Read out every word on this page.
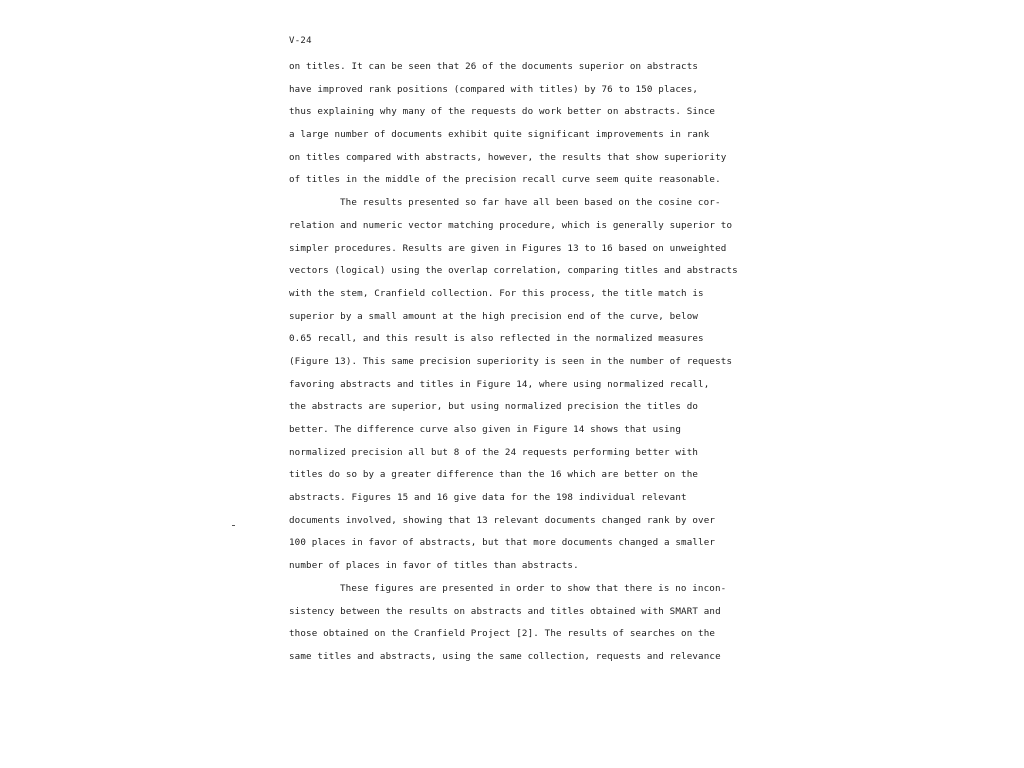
V-24
on titles. It can be seen that 26 of the documents superior on abstracts
have improved rank positions (compared with titles) by 76 to 150 places,
thus explaining why many of the requests do work better on abstracts. Since
a large number of documents exhibit quite significant improvements in rank
on titles compared with abstracts, however, the results that show superiority
of titles in the middle of the precision recall curve seem quite reasonable.
The results presented so far have all been based on the cosine cor-
relation and numeric vector matching procedure, which is generally superior to
simpler procedures. Results are given in Figures 13 to 16 based on unweighted
vectors (logical) using the overlap correlation, comparing titles and abstracts
with the stem, Cranfield collection. For this process, the title match is
superior by a small amount at the high precision end of the curve, below
0.65 recall, and this result is also reflected in the normalized measures
(Figure 13). This same precision superiority is seen in the number of requests
favoring abstracts and titles in Figure 14, where using normalized recall,
the abstracts are superior, but using normalized precision the titles do
better. The difference curve also given in Figure 14 shows that using
normalized precision all but 8 of the 24 requests performing better with
titles do so by a greater difference than the 16 which are better on the
abstracts. Figures 15 and 16 give data for the 198 individual relevant
documents involved, showing that 13 relevant documents changed rank by over
100 places in favor of abstracts, but that more documents changed a smaller
number of places in favor of titles than abstracts.
These figures are presented in order to show that there is no incon-
sistency between the results on abstracts and titles obtained with SMART and
those obtained on the Cranfield Project [2]. The results of searches on the
same titles and abstracts, using the same collection, requests and relevance
